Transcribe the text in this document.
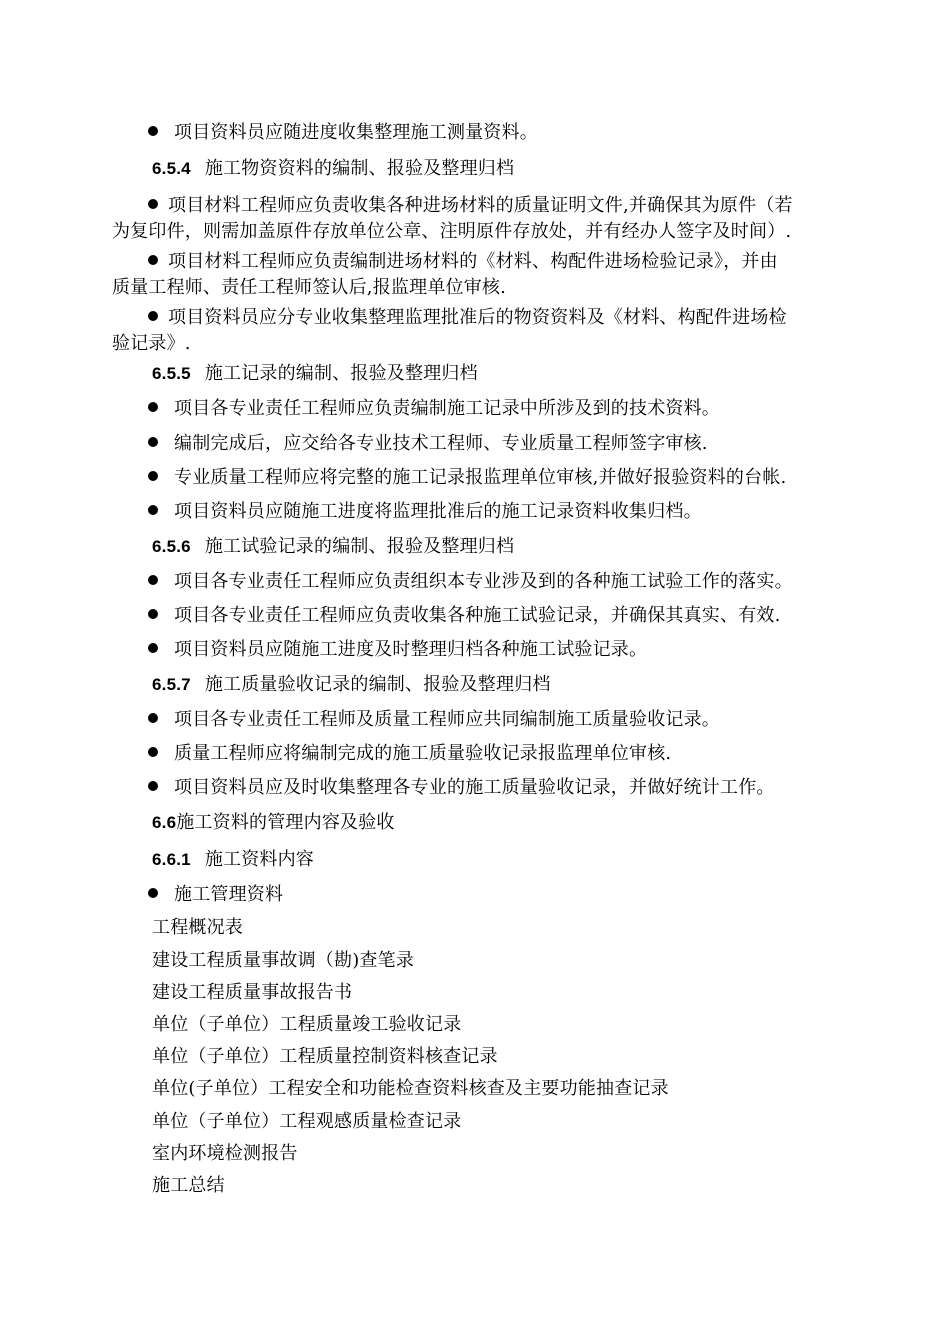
项目资料员应随进度收集整理施工测量资料。
6.5.4 施工物资资料的编制、报验及整理归档
项目材料工程师应负责收集各种进场材料的质量证明文件,并确保其为原件（若
为复印件，则需加盖原件存放单位公章、注明原件存放处，并有经办人签字及时间）.
项目材料工程师应负责编制进场材料的《材料、构配件进场检验记录》，并由
质量工程师、责任工程师签认后,报监理单位审核.
项目资料员应分专业收集整理监理批准后的物资资料及《材料、构配件进场检
验记录》.
6.5.5 施工记录的编制、报验及整理归档
项目各专业责任工程师应负责编制施工记录中所涉及到的技术资料。
编制完成后，应交给各专业技术工程师、专业质量工程师签字审核.
专业质量工程师应将完整的施工记录报监理单位审核,并做好报验资料的台帐.
项目资料员应随施工进度将监理批准后的施工记录资料收集归档。
6.5.6 施工试验记录的编制、报验及整理归档
项目各专业责任工程师应负责组织本专业涉及到的各种施工试验工作的落实。
项目各专业责任工程师应负责收集各种施工试验记录，并确保其真实、有效.
项目资料员应随施工进度及时整理归档各种施工试验记录。
6.5.7 施工质量验收记录的编制、报验及整理归档
项目各专业责任工程师及质量工程师应共同编制施工质量验收记录。
质量工程师应将编制完成的施工质量验收记录报监理单位审核.
项目资料员应及时收集整理各专业的施工质量验收记录，并做好统计工作。
6.6施工资料的管理内容及验收
6.6.1 施工资料内容
施工管理资料
工程概况表
建设工程质量事故调（勘)查笔录
建设工程质量事故报告书
单位（子单位）工程质量竣工验收记录
单位（子单位）工程质量控制资料核查记录
单位(子单位）工程安全和功能检查资料核查及主要功能抽查记录
单位（子单位）工程观感质量检查记录
室内环境检测报告
施工总结
